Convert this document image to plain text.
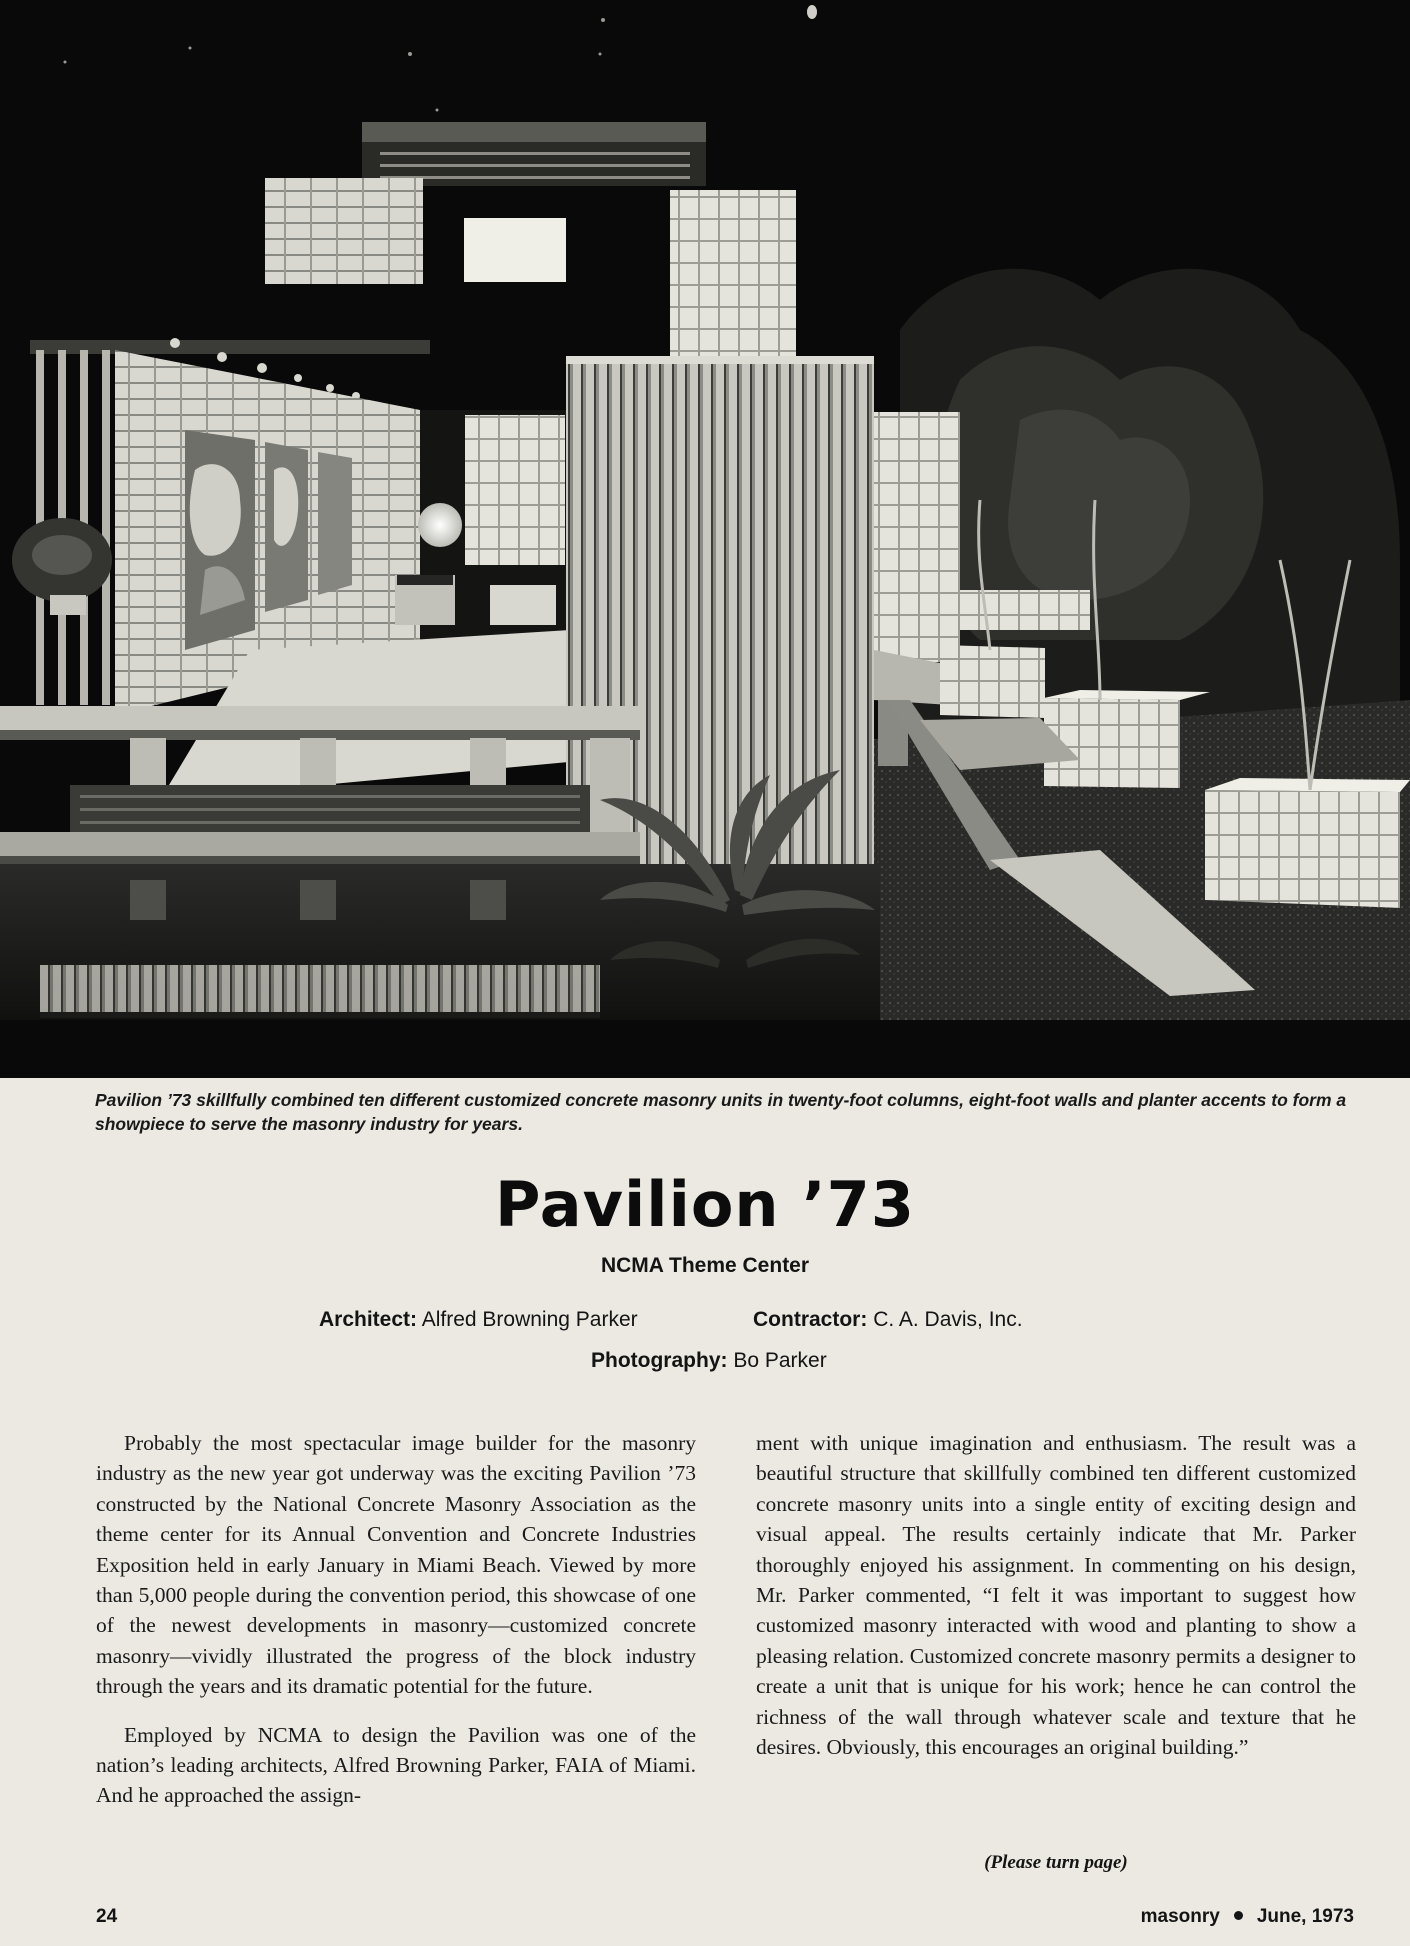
Pavilion ’73 skillfully combined ten different customized concrete masonry units in twenty-foot columns, eight-foot walls and planter accents to form a showpiece to serve the masonry industry for years.
Pavilion ’73
NCMA Theme Center
Architect: Alfred Browning Parker	Contractor: C. A. Davis, Inc.
Photography: Bo Parker

Probably the most spectacular image builder for the masonry industry as the new year got underway was the exciting Pavilion ’73 constructed by the National Concrete Masonry Association as the theme center for its Annual Convention and Concrete Industries Exposition held in early January in Miami Beach. Viewed by more than 5,000 people during the convention period, this showcase of one of the newest developments in masonry—customized concrete masonry—vividly illustrated the progress of the block industry through the years and its dramatic potential for the future.

Employed by NCMA to design the Pavilion was one of the nation’s leading architects, Alfred Browning Parker, FAIA of Miami. And he approached the assign-

ment with unique imagination and enthusiasm. The result was a beautiful structure that skillfully combined ten different customized concrete masonry units into a single entity of exciting design and visual appeal. The results certainly indicate that Mr. Parker thoroughly enjoyed his assignment. In commenting on his design, Mr. Parker commented, “I felt it was important to suggest how customized masonry interacted with wood and planting to show a pleasing relation. Customized concrete masonry permits a designer to create a unit that is unique for his work; hence he can control the richness of the wall through whatever scale and texture that he desires. Obviously, this encourages an original building.”

(Please turn page)
24	masonry June, 1973
